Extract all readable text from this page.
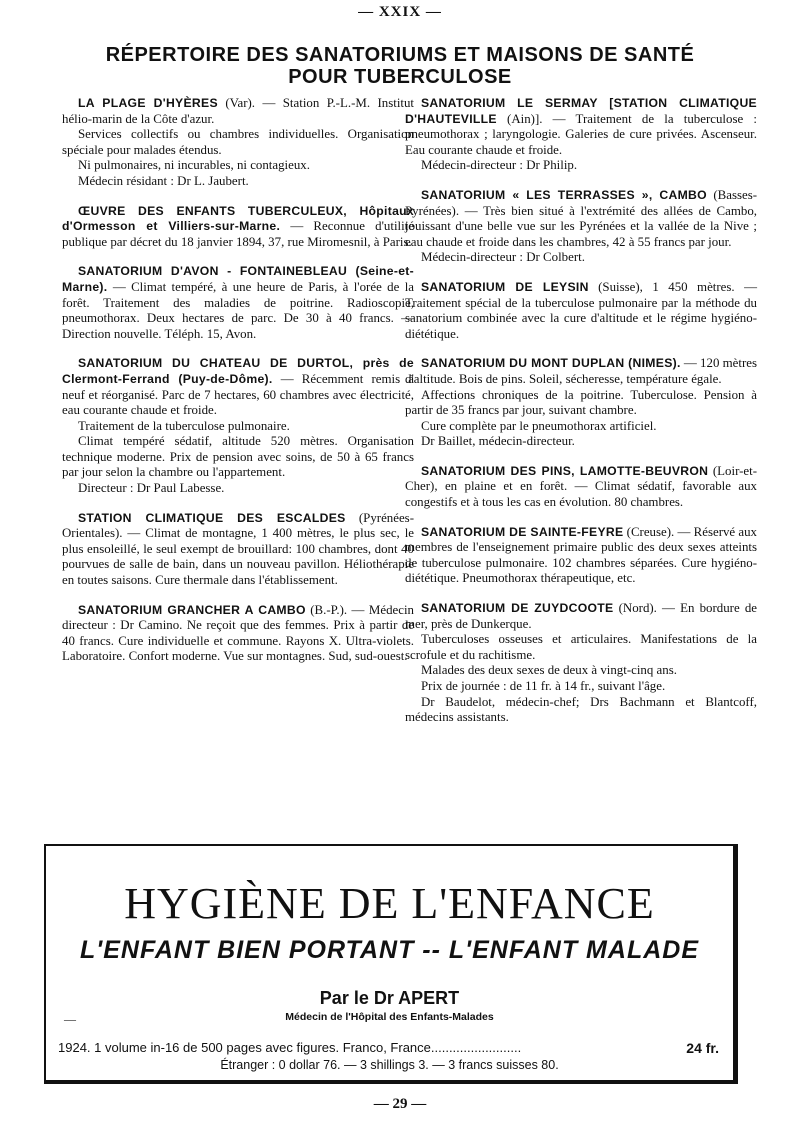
— XXIX —
RÉPERTOIRE DES SANATORIUMS ET MAISONS DE SANTÉ
POUR TUBERCULOSE

LA PLAGE D'HYÈRES (Var). — Station P.-L.-M. Institut hélio-marin de la Côte d'azur.

Services collectifs ou chambres individuelles. Organisation spéciale pour malades étendus.

Ni pulmonaires, ni incurables, ni contagieux.

Médecin résidant : Dr L. Jaubert.

ŒUVRE DES ENFANTS TUBERCULEUX, Hôpitaux d'Ormesson et Villiers-sur-Marne. — Reconnue d'utilité publique par décret du 18 janvier 1894, 37, rue Miromesnil, à Paris.

SANATORIUM D'AVON - FONTAINEBLEAU (Seine-et-Marne). — Climat tempéré, à une heure de Paris, à l'orée de la forêt. Traitement des maladies de poitrine. Radioscopie, pneumothorax. Deux hectares de parc. De 30 à 40 francs. — Direction nouvelle. Téléph. 15, Avon.

SANATORIUM DU CHATEAU DE DURTOL, près de Clermont-Ferrand (Puy-de-Dôme). — Récemment remis à neuf et réorganisé. Parc de 7 hectares, 60 chambres avec électricité, eau courante chaude et froide.

Traitement de la tuberculose pulmonaire.

Climat tempéré sédatif, altitude 520 mètres. Organisation technique moderne. Prix de pension avec soins, de 50 à 65 francs par jour selon la chambre ou l'appartement.

Directeur : Dr Paul Labesse.

STATION CLIMATIQUE DES ESCALDES (Pyrénées-Orientales). — Climat de montagne, 1 400 mètres, le plus sec, le plus ensoleillé, le seul exempt de brouillard: 100 chambres, dont 40 pourvues de salle de bain, dans un nouveau pavillon. Héliothérapie en toutes saisons. Cure thermale dans l'établissement.

SANATORIUM GRANCHER A CAMBO (B.-P.). — Médecin directeur : Dr Camino. Ne reçoit que des femmes. Prix à partir de 40 francs. Cure individuelle et commune. Rayons X. Ultra-violets. Laboratoire. Confort moderne. Vue sur montagnes. Sud, sud-ouest.

SANATORIUM LE SERMAY [STATION CLIMATIQUE D'HAUTEVILLE (Ain)]. — Traitement de la tuberculose : pneumothorax ; laryngologie. Galeries de cure privées. Ascenseur. Eau courante chaude et froide.

Médecin-directeur : Dr Philip.

SANATORIUM « LES TERRASSES », CAMBO (Basses-Pyrénées). — Très bien situé à l'extrémité des allées de Cambo, jouissant d'une belle vue sur les Pyrénées et la vallée de la Nive ; eau chaude et froide dans les chambres, 42 à 55 francs par jour.

Médecin-directeur : Dr Colbert.

SANATORIUM DE LEYSIN (Suisse), 1 450 mètres. — Traitement spécial de la tuberculose pulmonaire par la méthode du sanatorium combinée avec la cure d'altitude et le régime hygiéno-diététique.

SANATORIUM DU MONT DUPLAN (NIMES). — 120 mètres d'altitude. Bois de pins. Soleil, sécheresse, température égale.

Affections chroniques de la poitrine. Tuberculose. Pension à partir de 35 francs par jour, suivant chambre.

Cure complète par le pneumothorax artificiel.

Dr Baillet, médecin-directeur.

SANATORIUM DES PINS, LAMOTTE-BEUVRON (Loir-et-Cher), en plaine et en forêt. — Climat sédatif, favorable aux congestifs et à tous les cas en évolution. 80 chambres.

SANATORIUM DE SAINTE-FEYRE (Creuse). — Réservé aux membres de l'enseignement primaire public des deux sexes atteints de tuberculose pulmonaire. 102 chambres séparées. Cure hygiéno-diététique. Pneumothorax thérapeutique, etc.

SANATORIUM DE ZUYDCOOTE (Nord). — En bordure de mer, près de Dunkerque.

Tuberculoses osseuses et articulaires. Manifestations de la scrofule et du rachitisme.

Malades des deux sexes de deux à vingt-cinq ans.

Prix de journée : de 11 fr. à 14 fr., suivant l'âge.

Dr Baudelot, médecin-chef; Drs Bachmann et Blantcoff, médecins assistants.

HYGIÈNE DE L'ENFANCE
L'ENFANT BIEN PORTANT -- L'ENFANT MALADE
Par le Dr APERT
—	Médecin de l'Hôpital des Enfants-Malades
1924. 1 volume in-16 de 500 pages avec figures. Franco, France.........................	24 fr.
Étranger : 0 dollar 76. — 3 shillings 3. — 3 francs suisses 80.
— 29 —
